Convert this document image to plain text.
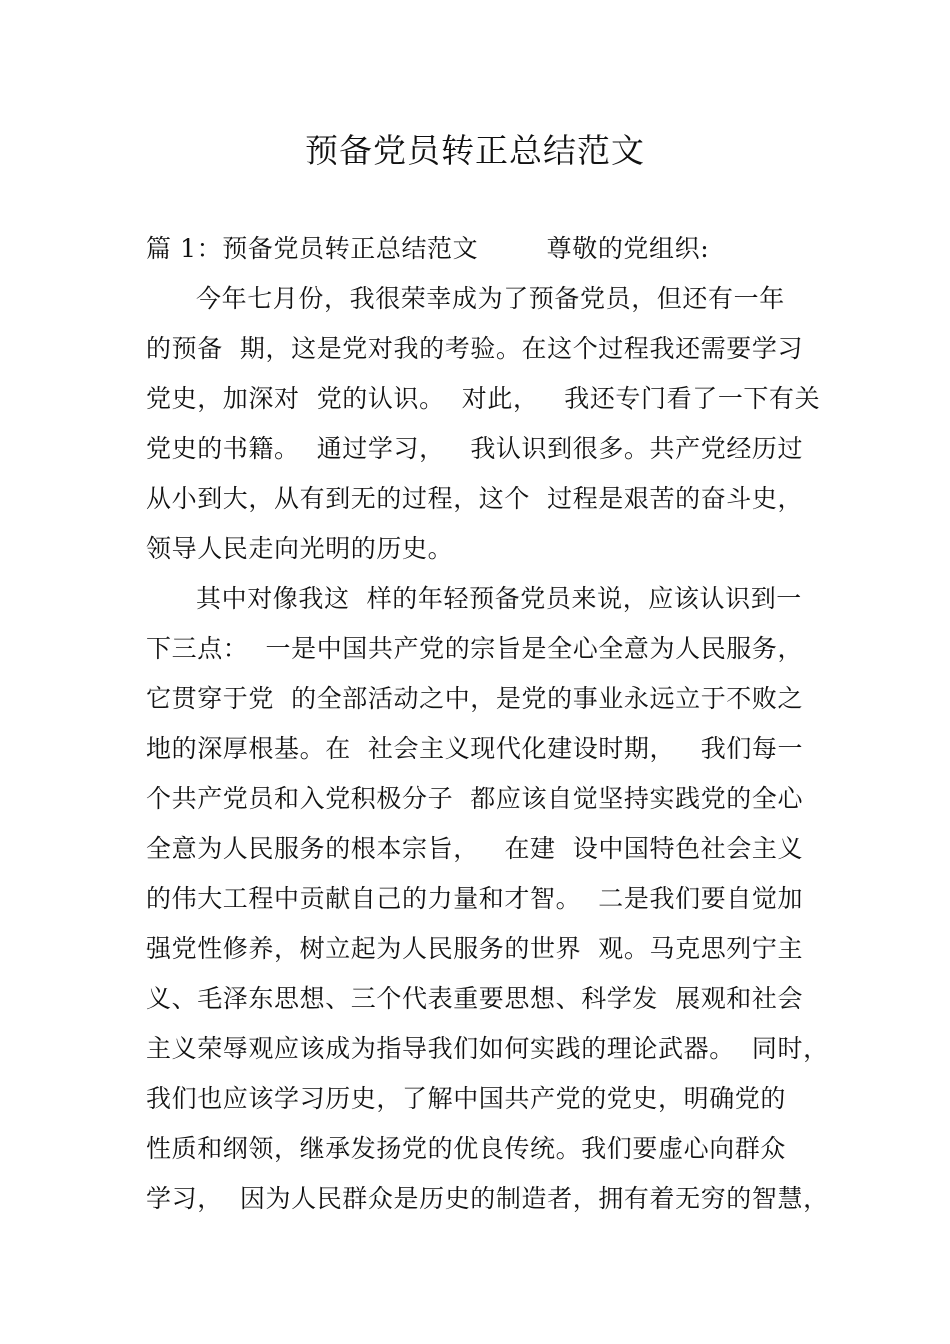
预备党员转正总结范文
篇 1：预备党员转正总结范文        尊敬的党组织:
今年七月份，我很荣幸成为了预备党员，但还有一年
的预备  期，这是党对我的考验。在这个过程我还需要学习
党史，加深对  党的认识。  对此，   我还专门看了一下有关
党史的书籍。  通过学习，   我认识到很多。共产党经历过
从小到大，从有到无的过程，这个  过程是艰苦的奋斗史，
领导人民走向光明的历史。
其中对像我这  样的年轻预备党员来说，应该认识到一
下三点：  一是中国共产党的宗旨是全心全意为人民服务，
它贯穿于党  的全部活动之中，是党的事业永远立于不败之
地的深厚根基。在  社会主义现代化建设时期，   我们每一
个共产党员和入党积极分子  都应该自觉坚持实践党的全心
全意为人民服务的根本宗旨，   在建  设中国特色社会主义
的伟大工程中贡献自己的力量和才智。  二是我们要自觉加
强党性修养，树立起为人民服务的世界  观。马克思列宁主
义、毛泽东思想、三个代表重要思想、科学发  展观和社会
主义荣辱观应该成为指导我们如何实践的理论武器。  同时，
我们也应该学习历史，了解中国共产党的党史，明确党的
性质和纲领，继承发扬党的优良传统。我们要虚心向群众
学习，  因为人民群众是历史的制造者，拥有着无穷的智慧，
